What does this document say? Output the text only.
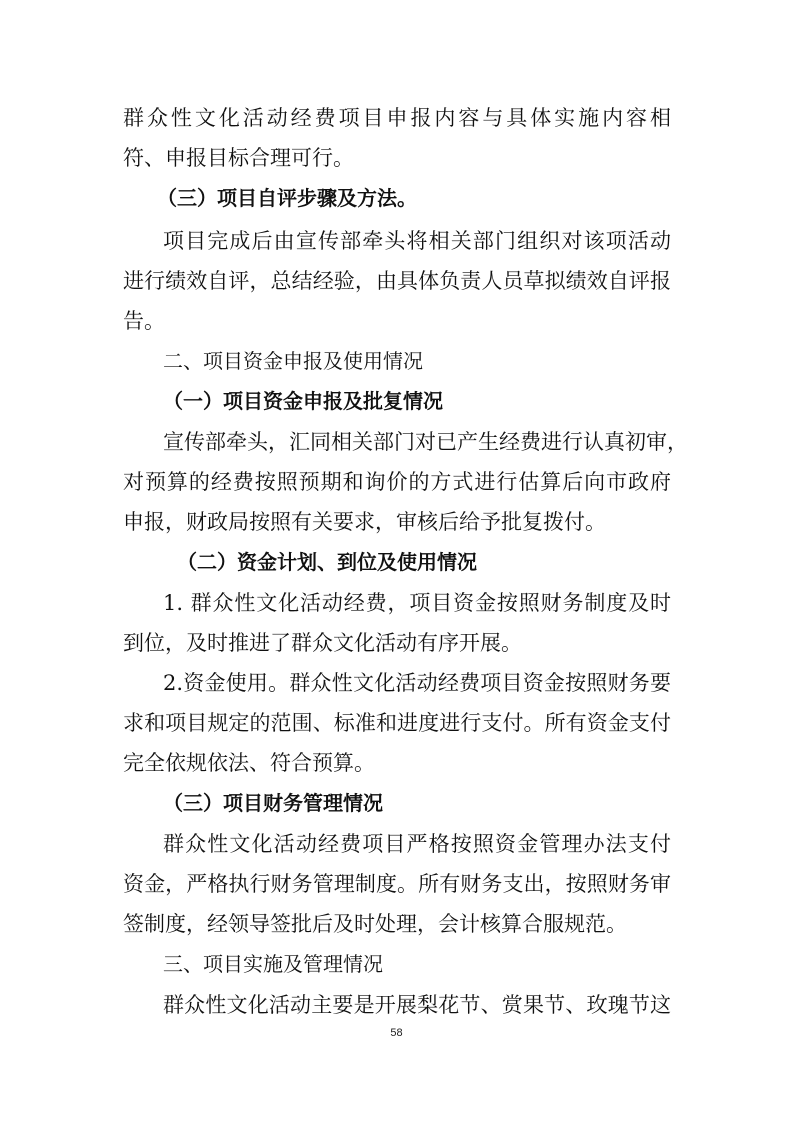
群众性文化活动经费项目申报内容与具体实施内容相
符、申报目标合理可行。
（三）项目自评步骤及方法。
项目完成后由宣传部牵头将相关部门组织对该项活动
进行绩效自评，总结经验，由具体负责人员草拟绩效自评报
告。
二、项目资金申报及使用情况
（一）项目资金申报及批复情况
宣传部牵头，汇同相关部门对已产生经费进行认真初审，
对预算的经费按照预期和询价的方式进行估算后向市政府
申报，财政局按照有关要求，审核后给予批复拨付。
（二）资金计划、到位及使用情况
1. 群众性文化活动经费，项目资金按照财务制度及时
到位，及时推进了群众文化活动有序开展。
2.资金使用。群众性文化活动经费项目资金按照财务要
求和项目规定的范围、标准和进度进行支付。所有资金支付
完全依规依法、符合预算。
（三）项目财务管理情况
群众性文化活动经费项目严格按照资金管理办法支付
资金，严格执行财务管理制度。所有财务支出，按照财务审
签制度，经领导签批后及时处理，会计核算合服规范。
三、项目实施及管理情况
群众性文化活动主要是开展梨花节、赏果节、玫瑰节这
58
